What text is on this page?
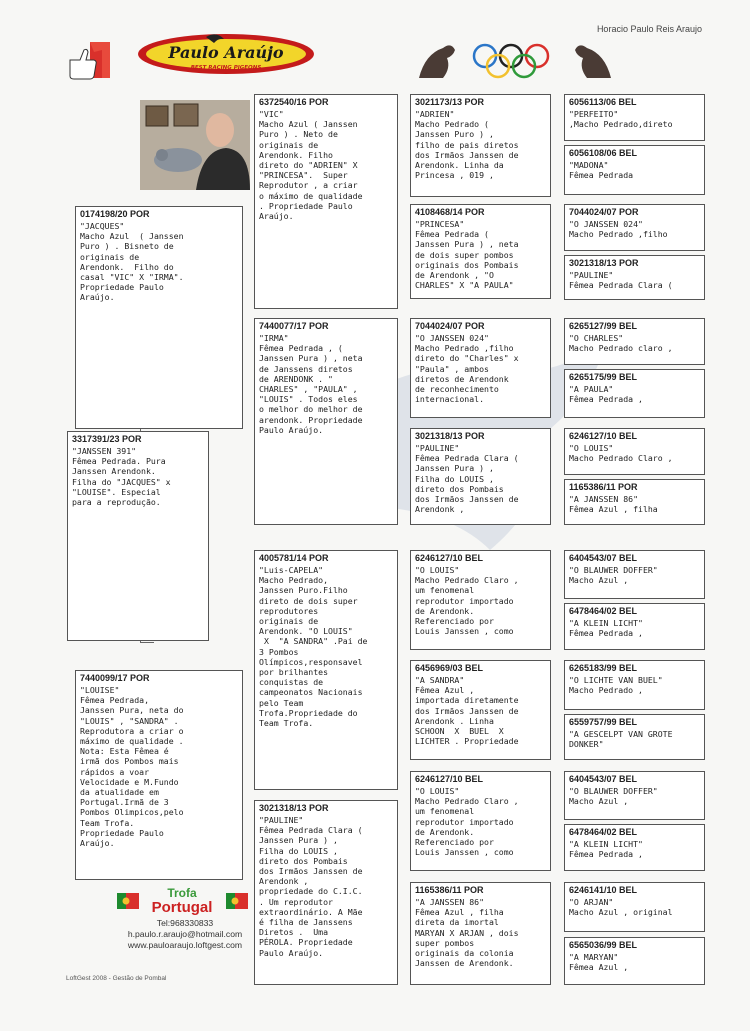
Horacio Paulo Reis Araujo
Paulo Araújo
BEST RACING PIGEONS
3317391/23 POR
"JANSSEN 391"
Fêmea Pedrada. Pura
Janssen Arendonk.
Filha do "JACQUES" x
"LOUISE". Especial
para a reprodução.
0174198/20 POR
"JACQUES"
Macho Azul  ( Janssen
Puro ) . Bisneto de
originais de
Arendonk.  Filho do
casal "VIC" X "IRMA".
Propriedade Paulo
Araújo.
7440099/17 POR
"LOUISE"
Fêmea Pedrada,
Janssen Pura, neta do
"LOUIS" , "SANDRA" .
Reprodutora a criar o
máximo de qualidade .
Nota: Esta Fêmea é
irmã dos Pombos mais
rápidos a voar
Velocidade e M.Fundo
da atualidade em
Portugal.Irmã de 3
Pombos Olimpicos,pelo
Team Trofa.
Propriedade Paulo
Araújo.
6372540/16 POR
"VIC"
Macho Azul ( Janssen
Puro ) . Neto de
originais de
Arendonk. Filho
direto do "ADRIEN" X
"PRINCESA".  Super
Reprodutor , a criar
o máximo de qualidade
. Propriedade Paulo
Araújo.
7440077/17 POR
"IRMA"
Fêmea Pedrada , (
Janssen Pura ) , neta
de Janssens diretos
de ARENDONK . "
CHARLES" , "PAULA" ,
"LOUIS" . Todos eles
o melhor do melhor de
arendonk. Propriedade
Paulo Araújo.
4005781/14 POR
"Luis-CAPELA"
Macho Pedrado,
Janssen Puro.Filho
direto de dois super
reprodutores
originais de
Arendonk. "O LOUIS"
X  "A SANDRA" .Pai de
3 Pombos
Olímpicos,responsavel
por brilhantes
conquistas de
campeonatos Nacionais
pelo Team
Trofa.Propriedade do
Team Trofa.
3021318/13 POR
"PAULINE"
Fêmea Pedrada Clara (
Janssen Pura ) ,
Filha do LOUIS ,
direto dos Pombais
dos Irmãos Janssen de
Arendonk ,
propriedade do C.I.C.
. Um reprodutor
extraordinário. A Mãe
é filha de Janssens
Diretos .  Uma
PÉROLA. Propriedade
Paulo Araújo.
3021173/13 POR
"ADRIEN"
Macho Pedrado (
Janssen Puro ) ,
filho de pais diretos
dos Irmãos Janssen de
Arendonk. Linha da
Princesa , 019 ,
4108468/14 POR
"PRINCESA"
Fêmea Pedrada (
Janssen Pura ) , neta
de dois super pombos
originais dos Pombais
de Arendonk , "O
CHARLES" X "A PAULA"
7044024/07 POR
"O JANSSEN 024"
Macho Pedrado ,filho
direto do "Charles" x
"Paula" , ambos
diretos de Arendonk
de reconhecimento
internacional.
3021318/13 POR
"PAULINE"
Fêmea Pedrada Clara (
Janssen Pura ) ,
Filha do LOUIS ,
direto dos Pombais
dos Irmãos Janssen de
Arendonk ,
6246127/10 BEL
"O LOUIS"
Macho Pedrado Claro ,
um fenomenal
reprodutor importado
de Arendonk.
Referenciado por
Louis Janssen , como
6456969/03 BEL
"A SANDRA"
Fêmea Azul ,
importada diretamente
dos Irmãos Janssen de
Arendonk . Linha
SCHOON  X  BUEL  X
LICHTER . Propriedade
6246127/10 BEL
"O LOUIS"
Macho Pedrado Claro ,
um fenomenal
reprodutor importado
de Arendonk.
Referenciado por
Louis Janssen , como
1165386/11 POR
"A JANSSEN 86"
Fêmea Azul , filha
direta da imortal
MARYAN X ARJAN , dois
super pombos
originais da colonia
Janssen de Arendonk.
6056113/06 BEL
"PERFEITO"
,Macho Pedrado,direto
6056108/06 BEL
"MADONA"
Fêmea Pedrada
7044024/07 POR
"O JANSSEN 024"
Macho Pedrado ,filho
3021318/13 POR
"PAULINE"
Fêmea Pedrada Clara (
6265127/99 BEL
"O CHARLES"
Macho Pedrado claro ,
6265175/99 BEL
"A PAULA"
Fêmea Pedrada ,
6246127/10 BEL
"O LOUIS"
Macho Pedrado Claro ,
1165386/11 POR
"A JANSSEN 86"
Fêmea Azul , filha
6404543/07 BEL
"O BLAUWER DOFFER"
Macho Azul ,
6478464/02 BEL
"A KLEIN LICHT"
Fêmea Pedrada ,
6265183/99 BEL
"O LICHTE VAN BUEL"
Macho Pedrado ,
6559757/99 BEL
"A GESCELPT VAN GROTE
DONKER"
6404543/07 BEL
"O BLAUWER DOFFER"
Macho Azul ,
6478464/02 BEL
"A KLEIN LICHT"
Fêmea Pedrada ,
6246141/10 BEL
"O ARJAN"
Macho Azul , original
6565036/99 BEL
"A MARYAN"
Fêmea Azul ,
Trofa
Portugal
Tel:968330833
h.paulo.r.araujo@hotmail.com
www.pauloaraujo.loftgest.com
LoftGest 2008 - Gestão de Pombal
